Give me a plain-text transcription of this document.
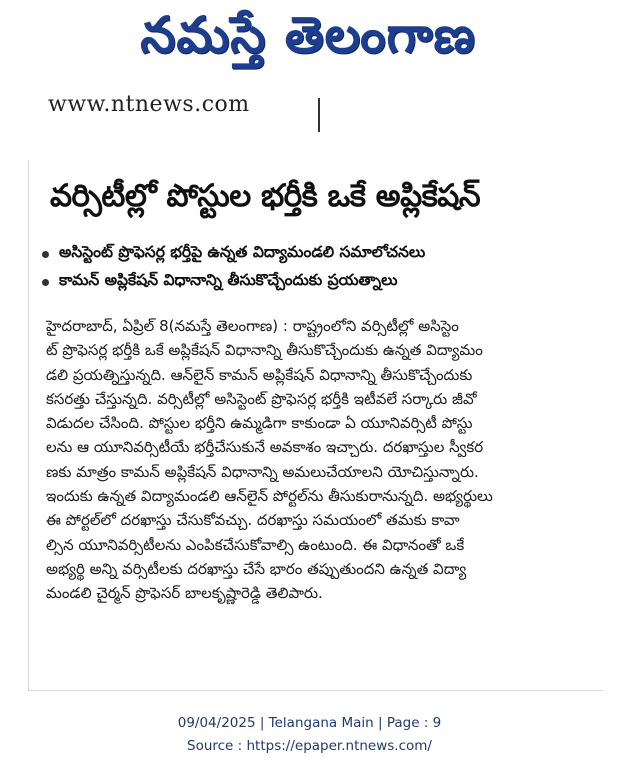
నమస్తే తెలంగాణ
www.ntnews.com
వర్సిటీల్లో పోస్టుల భర్తీకి ఒకే అప్లికేషన్
అసిస్టెంట్ ప్రొఫెసర్ల భర్తీపై ఉన్నత విద్యామండలి సమాలోచనలు
కామన్ అప్లికేషన్ విధానాన్ని తీసుకొచ్చేందుకు ప్రయత్నాలు
హైదరాబాద్, ఏప్రిల్ 8(నమస్తే తెలంగాణ) : రాష్ట్రంలోని వర్సిటీల్లో అసిస్టెం
ట్ ప్రొఫెసర్ల భర్తీకి ఒకే అప్లికేషన్ విధానాన్ని తీసుకొచ్చేందుకు ఉన్నత విద్యామం
డలి ప్రయత్నిస్తున్నది. ఆన్‌లైన్ కామన్ అప్లికేషన్ విధానాన్ని తీసుకొచ్చేందుకు
కసరత్తు చేస్తున్నది. వర్సిటీల్లో అసిస్టెంట్ ప్రొఫెసర్ల భర్తీకి ఇటీవలే సర్కారు జీవో
విడుదల చేసింది. పోస్టుల భర్తీని ఉమ్మడిగా కాకుండా ఏ యూనివర్సిటీ పోస్టు
లను ఆ యూనివర్సిటీయే భర్తీచేసుకునే అవకాశం ఇచ్చారు. దరఖాస్తుల స్వీకర
ణకు మాత్రం కామన్ అప్లికేషన్ విధానాన్ని అమలుచేయాలని యోచిస్తున్నారు.
ఇందుకు ఉన్నత విద్యామండలి ఆన్‌లైన్ పోర్టల్‌ను తీసుకురానున్నది. అభ్యర్థులు
ఈ పోర్టల్‌లో దరఖాస్తు చేసుకోవచ్చు. దరఖాస్తు సమయంలో తమకు కావా
ల్సిన యూనివర్సిటీలను ఎంపికచేసుకోవాల్సి ఉంటుంది. ఈ విధానంతో ఒకే
అభ్యర్థి అన్ని వర్సిటీలకు దరఖాస్తు చేసే భారం తప్పుతుందని ఉన్నత విద్యా
మండలి చైర్మన్ ప్రొఫెసర్ బాలకృష్ణారెడ్డి తెలిపారు.
09/04/2025 | Telangana Main | Page : 9
Source : https://epaper.ntnews.com/
